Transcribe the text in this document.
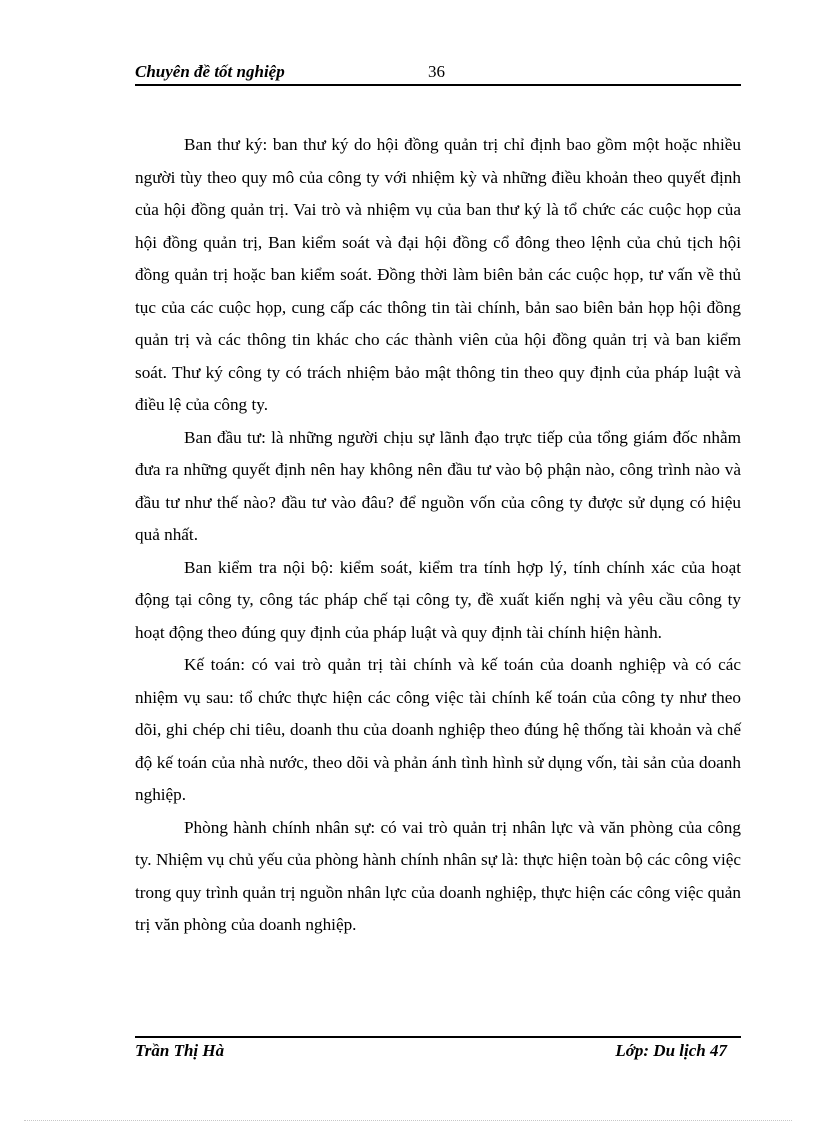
Chuyên đề tốt nghiệp	36

Ban thư ký: ban thư ký do hội đồng quản trị chỉ định bao gồm một hoặc nhiều người tùy theo quy mô của công ty với nhiệm kỳ và những điều khoản theo quyết định của hội đồng quản trị. Vai trò và nhiệm vụ của ban thư ký là tổ chức các cuộc họp của hội đồng quản trị, Ban kiểm soát và đại hội đồng cổ đông theo lệnh của chủ tịch hội đồng quản trị hoặc ban kiểm soát. Đồng thời làm biên bản các cuộc họp, tư vấn về thủ tục của các cuộc họp, cung cấp các thông tin tài chính, bản sao biên bản họp hội đồng quản trị và các thông tin khác cho các thành viên của hội đồng quản trị và ban kiểm soát. Thư ký công ty có trách nhiệm bảo mật thông tin theo quy định của pháp luật và điều lệ của công ty.

Ban đầu tư: là những người chịu sự lãnh đạo trực tiếp của tổng giám đốc nhằm đưa ra những quyết định nên hay không nên đầu tư vào bộ phận nào, công trình nào và đầu tư như thế nào? đầu tư vào đâu? để nguồn vốn của công ty được sử dụng có hiệu quả nhất.

Ban kiểm tra nội bộ: kiểm soát, kiểm tra tính hợp lý, tính chính xác của hoạt động tại công ty, công tác pháp chế tại công ty, đề xuất kiến nghị và yêu cầu công ty hoạt động theo đúng quy định của pháp luật và quy định tài chính hiện hành.

Kế toán: có vai trò quản trị tài chính và kế toán của doanh nghiệp và có các nhiệm vụ sau: tổ chức thực hiện các công việc tài chính kế toán của công ty như theo dõi, ghi chép chi tiêu, doanh thu của doanh nghiệp theo đúng hệ thống tài khoản và chế độ kế toán của nhà nước, theo dõi và phản ánh tình hình sử dụng vốn, tài sản của doanh nghiệp.

Phòng hành chính nhân sự: có vai trò quản trị nhân lực và văn phòng của công ty. Nhiệm vụ chủ yếu của phòng hành chính nhân sự là: thực hiện toàn bộ các công việc trong quy trình quản trị nguồn nhân lực của doanh nghiệp, thực hiện các công việc quản trị văn phòng của doanh nghiệp.

Trần Thị Hà	Lớp: Du lịch 47
